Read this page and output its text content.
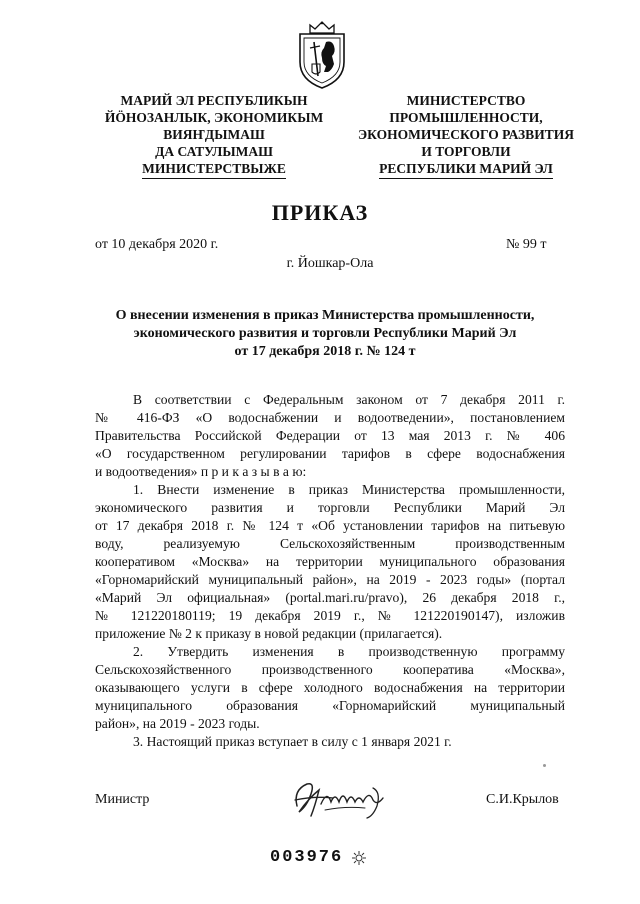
МАРИЙ ЭЛ РЕСПУБЛИКЫН
ЙӦНОЗАНЛЫК, ЭКОНОМИКЫМ
ВИЯҤДЫМАШ
ДА САТУЛЫМАШ
МИНИСТЕРСТВЫЖЕ
МИНИСТЕРСТВО
ПРОМЫШЛЕННОСТИ,
ЭКОНОМИЧЕСКОГО РАЗВИТИЯ
И ТОРГОВЛИ
РЕСПУБЛИКИ МАРИЙ ЭЛ
ПРИКАЗ
от 10 декабря 2020 г.	№ 99 т
г. Йошкар-Ола
О внесении изменения в приказ Министерства промышленности,
экономического развития и торговли Республики Марий Эл
от 17 декабря 2018 г. № 124 т
В соответствии с Федеральным законом от 7 декабря 2011 г.
№ 416-ФЗ «О водоснабжении и водоотведении», постановлением
Правительства Российской Федерации от 13 мая 2013 г. № 406
«О государственном регулировании тарифов в сфере водоснабжения
и водоотведения» п р и к а з ы в а ю:
1. Внести изменение в приказ Министерства промышленности,
экономического развития и торговли Республики Марий Эл
от 17 декабря 2018 г. № 124 т «Об установлении тарифов на питьевую
воду, реализуемую Сельскохозяйственным производственным
кооперативом «Москва» на территории муниципального образования
«Горномарийский муниципальный район», на 2019 - 2023 годы» (портал
«Марий Эл официальная» (portal.mari.ru/pravo), 26 декабря 2018 г.,
№ 121220180119; 19 декабря 2019 г., № 121220190147), изложив
приложение № 2 к приказу в новой редакции (прилагается).
2. Утвердить изменения в производственную программу
Сельскохозяйственного производственного кооператива «Москва»,
оказывающего услуги в сфере холодного водоснабжения на территории
муниципального образования «Горномарийский муниципальный
район», на 2019 - 2023 годы.
3. Настоящий приказ вступает в силу с 1 января 2021 г.
Министр	С.И.Крылов
003976
